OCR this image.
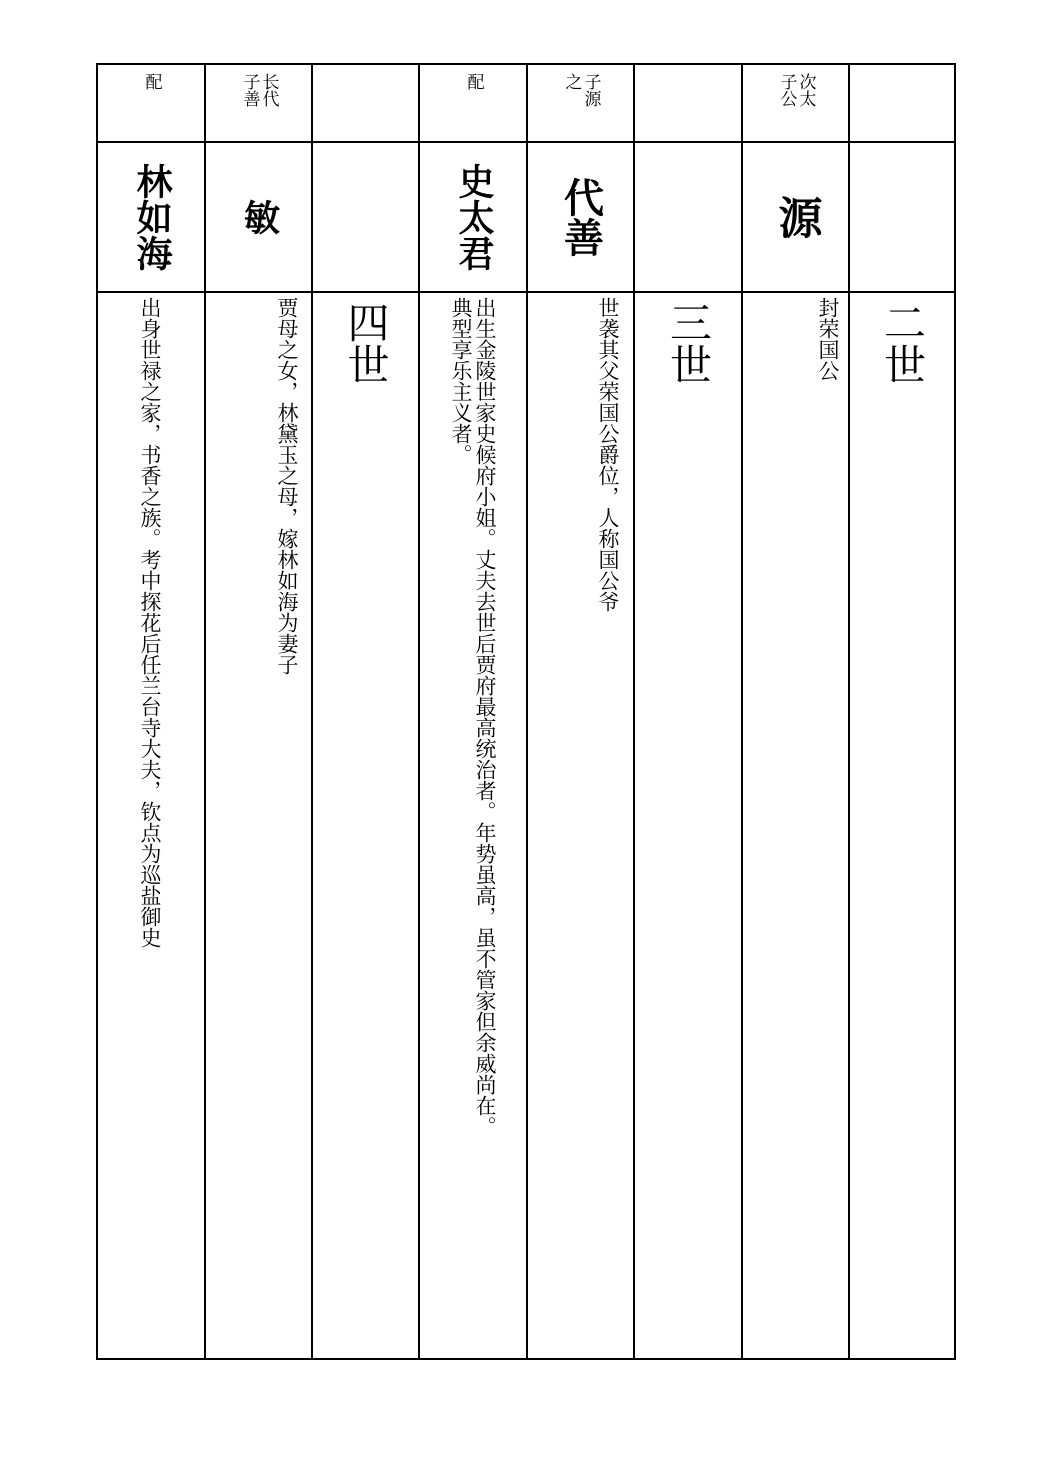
配
林如海
出身世禄之家，书香之族。考中探花后任兰台寺大夫，钦点为巡盐御史
长代子善
敏
贾母之女，林黛玉之母，嫁林如海为妻子 四世
配
史太君
出生金陵世家史候府小姐。丈夫去世后贾府最高统治者。年势虽高，虽不管家但余威尚在。典型享乐主义者。
子源之
代善
世袭其父荣国公爵位，人称国公爷 三世
次太子公
源
封荣国公 二世
